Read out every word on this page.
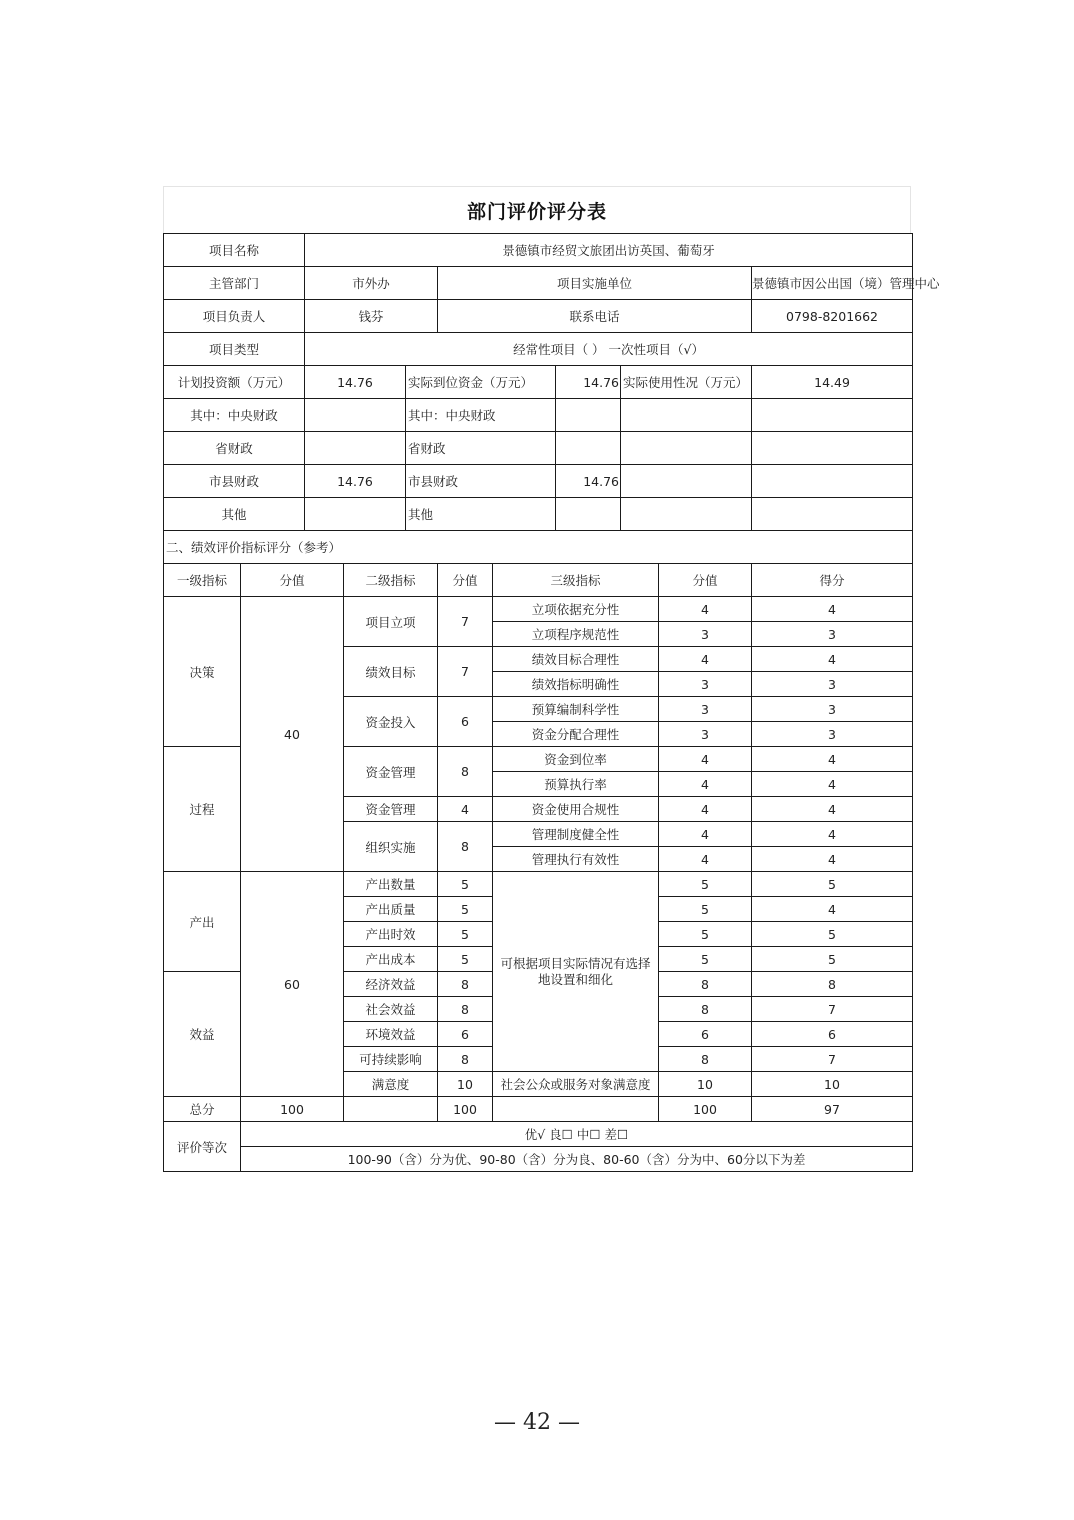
部门评价评分表
项目名称	景德镇市经贸文旅团出访英国、葡萄牙					
主管部门	市外办		项目实施单位			景德镇市因公出国（境）管理中心
项目负责人	钱芬		联系电话			0798-8201662
项目类型	经常性项目（ ） 一次性项目（√）					
计划投资额（万元）	14.76	实际到位资金（万元）		14.76	实际使用性况（万元）	14.49
其中：中央财政		其中：中央财政				
省财政		省财政				
市县财政	14.76	市县财政		14.76		
其他		其他				
二、绩效评价指标评分（参考）						
一级指标	分值	二级指标	分值	三级指标	分值	得分
决策	40	项目立项	7	立项依据充分性	4	4
				立项程序规范性	3	3
		绩效目标	7	绩效目标合理性	4	4
				绩效指标明确性	3	3
		资金投入	6	预算编制科学性	3	3
				资金分配合理性	3	3
过程		资金管理	8	资金到位率	4	4
				预算执行率	4	4
		资金管理	4	资金使用合规性	4	4
		组织实施	8	管理制度健全性	4	4
				管理执行有效性	4	4
产出	60	产出数量	5	可根据项目实际情况有选择地设置和细化	5	5
		产出质量	5		5	4
		产出时效	5		5	5
		产出成本	5		5	5
效益		经济效益	8		8	8
		社会效益	8		8	7
		环境效益	6		6	6
		可持续影响	8		8	7
		满意度	10	社会公众或服务对象满意度	10	10
总分	100		100		100	97
评价等次	优√ 良☐ 中☐ 差☐					
	100-90（含）分为优、90-80（含）分为良、80-60（含）分为中、60分以下为差					
— 42 —
